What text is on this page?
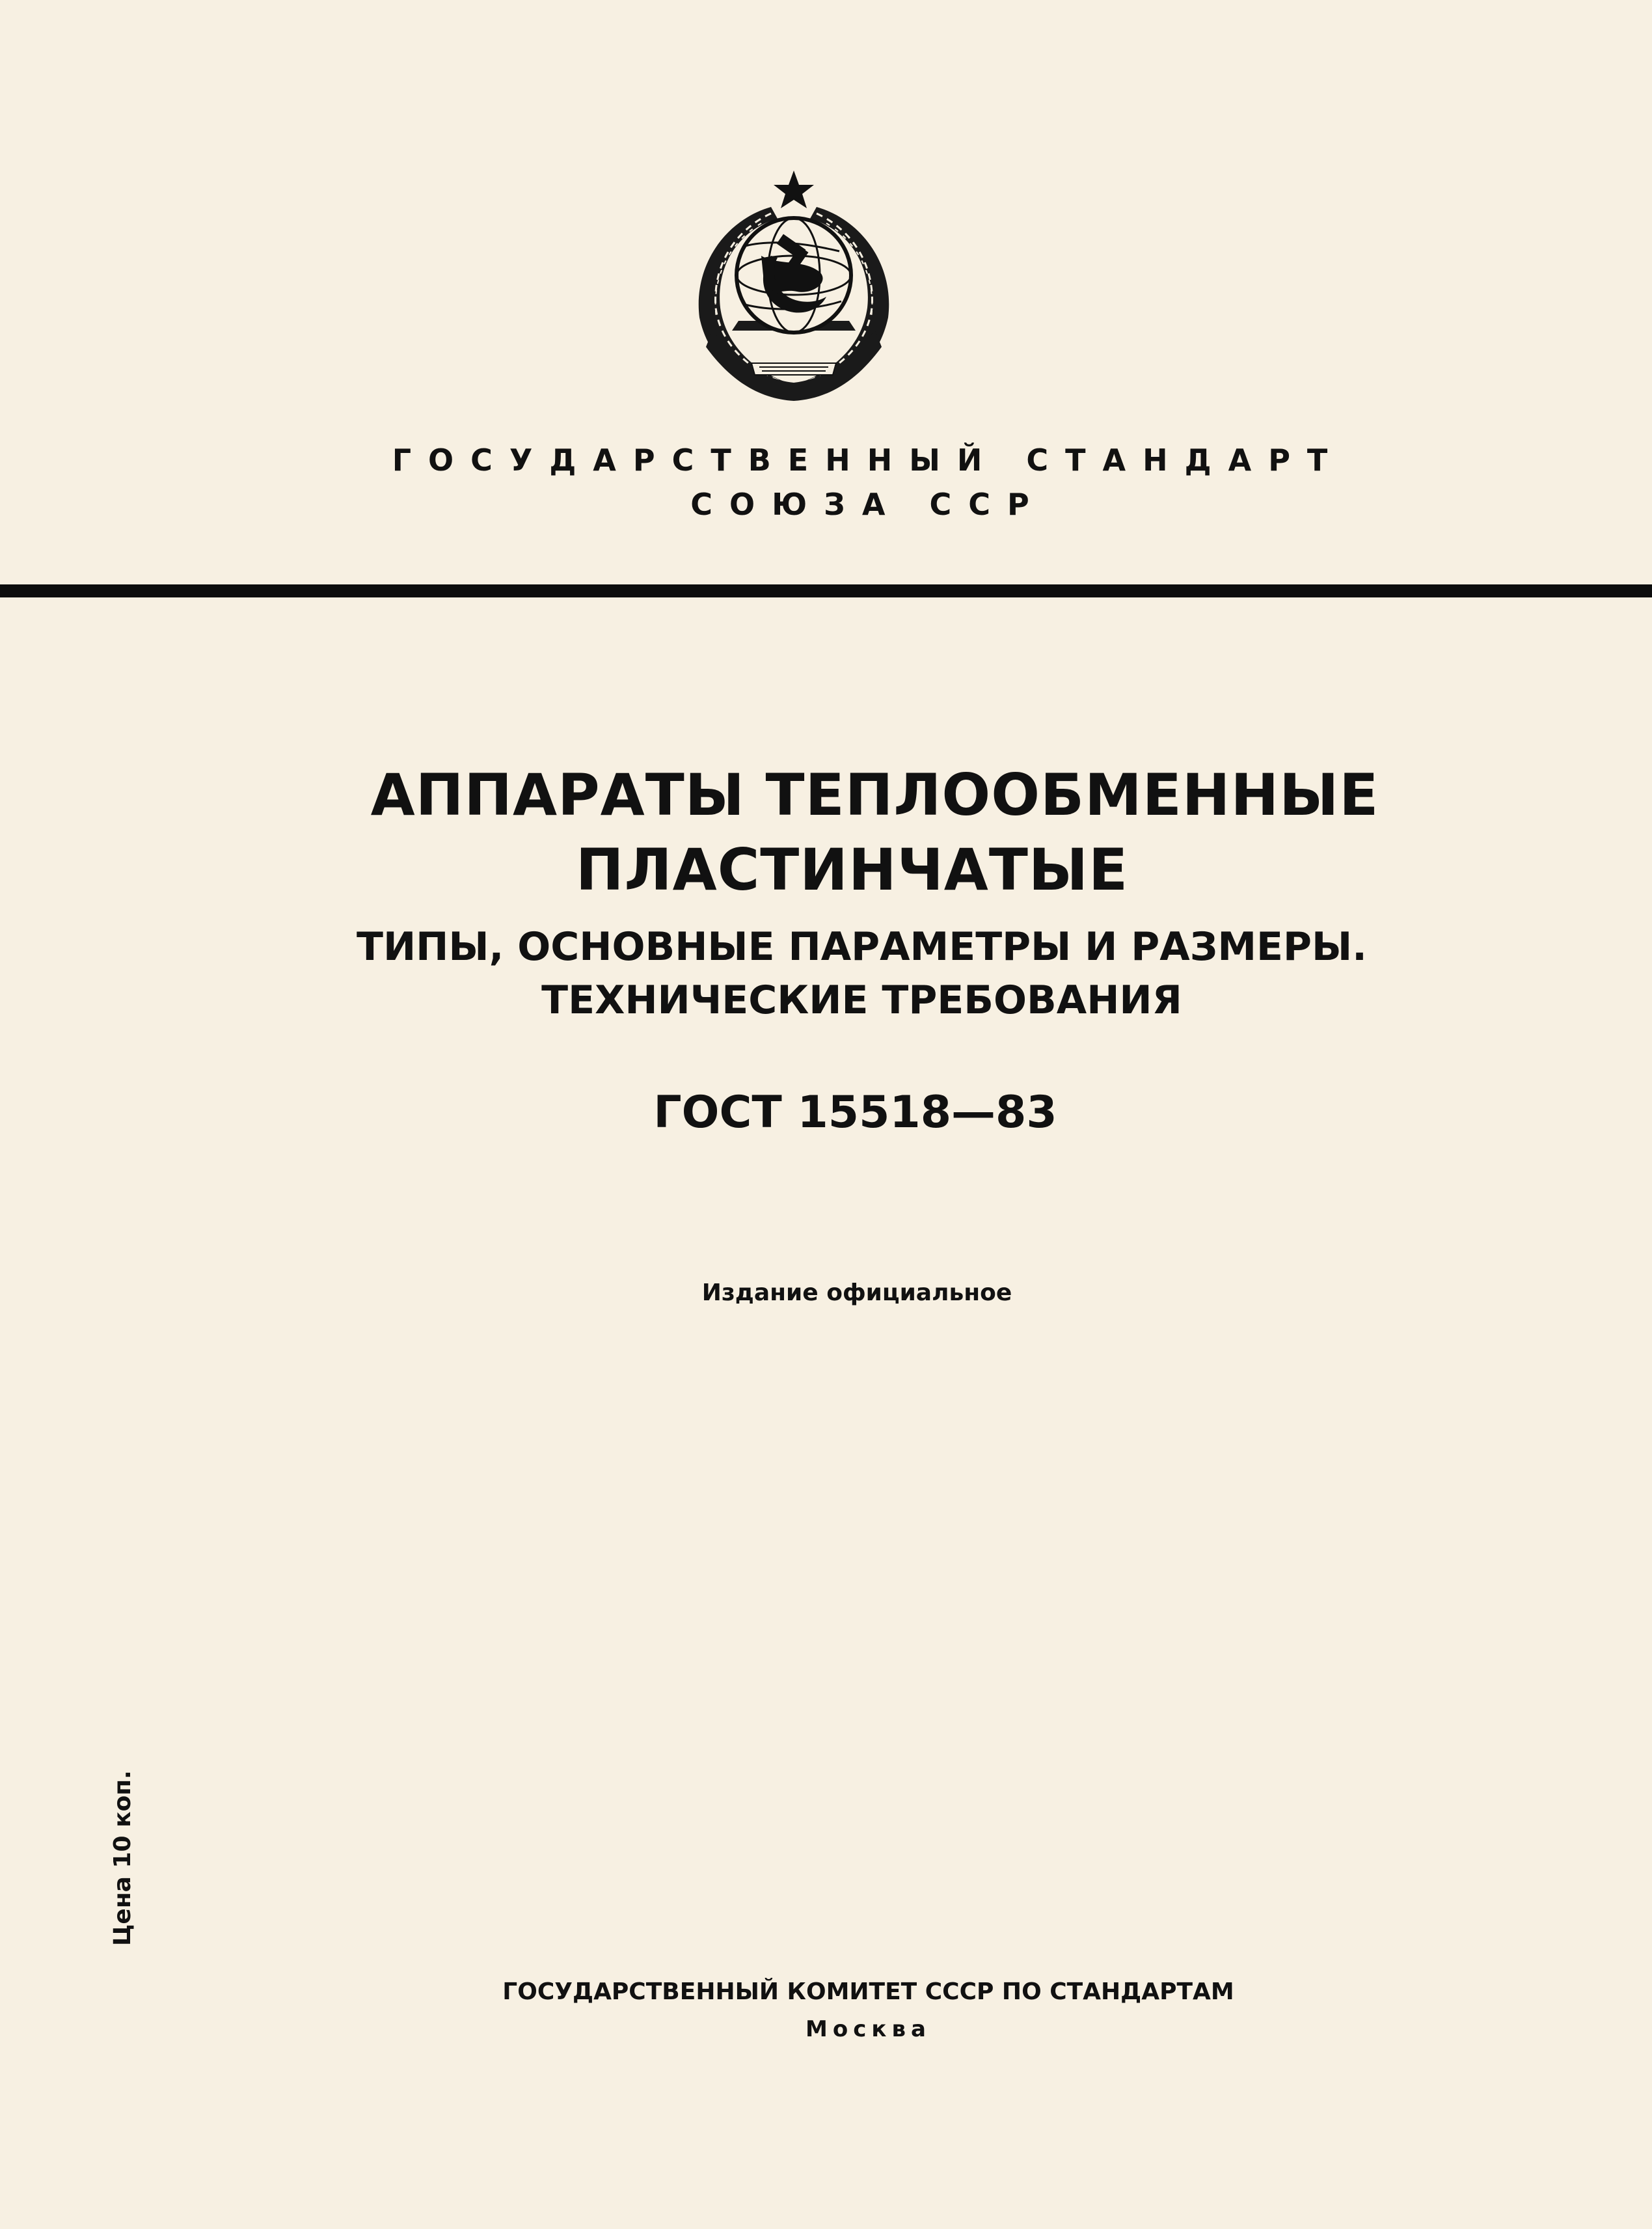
ГОСУДАРСТВЕННЫЙ СТАНДАРТ
СОЮЗА ССР
АППАРАТЫ ТЕПЛООБМЕННЫЕ
ПЛАСТИНЧАТЫЕ
ТИПЫ, ОСНОВНЫЕ ПАРАМЕТРЫ И РАЗМЕРЫ.
ТЕХНИЧЕСКИЕ ТРЕБОВАНИЯ
ГОСТ 15518—83
Издание официальное
Цена 10 коп.
ГОСУДАРСТВЕННЫЙ КОМИТЕТ СССР ПО СТАНДАРТАМ
Москва
